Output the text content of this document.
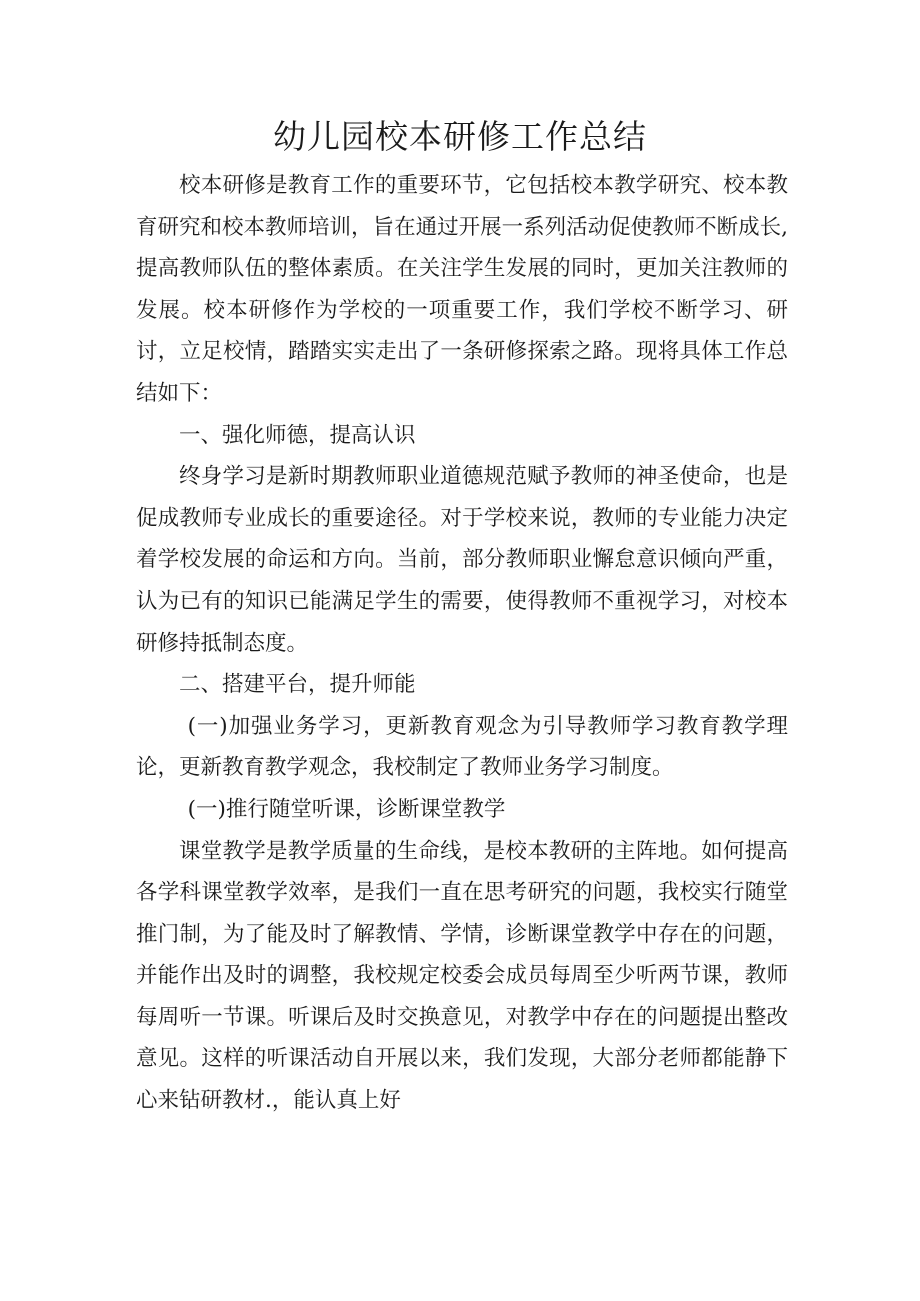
幼儿园校本研修工作总结

校本研修是教育工作的重要环节，它包括校本教学研究、校本教育研究和校本教师培训，旨在通过开展一系列活动促使教师不断成长,提高教师队伍的整体素质。在关注学生发展的同时，更加关注教师的发展。校本研修作为学校的一项重要工作，我们学校不断学习、研讨，立足校情，踏踏实实走出了一条研修探索之路。现将具体工作总结如下：

一、强化师德，提高认识

终身学习是新时期教师职业道德规范赋予教师的神圣使命，也是促成教师专业成长的重要途径。对于学校来说，教师的专业能力决定着学校发展的命运和方向。当前，部分教师职业懈怠意识倾向严重，认为已有的知识已能满足学生的需要，使得教师不重视学习，对校本研修持抵制态度。

二、搭建平台，提升师能

(一)加强业务学习，更新教育观念为引导教师学习教育教学理论，更新教育教学观念，我校制定了教师业务学习制度。

(一)推行随堂听课，诊断课堂教学

课堂教学是教学质量的生命线，是校本教研的主阵地。如何提高各学科课堂教学效率，是我们一直在思考研究的问题，我校实行随堂推门制，为了能及时了解教情、学情，诊断课堂教学中存在的问题，并能作出及时的调整，我校规定校委会成员每周至少听两节课，教师每周听一节课。听课后及时交换意见，对教学中存在的问题提出整改意见。这样的听课活动自开展以来，我们发现，大部分老师都能静下心来钻研教材.，能认真上好
